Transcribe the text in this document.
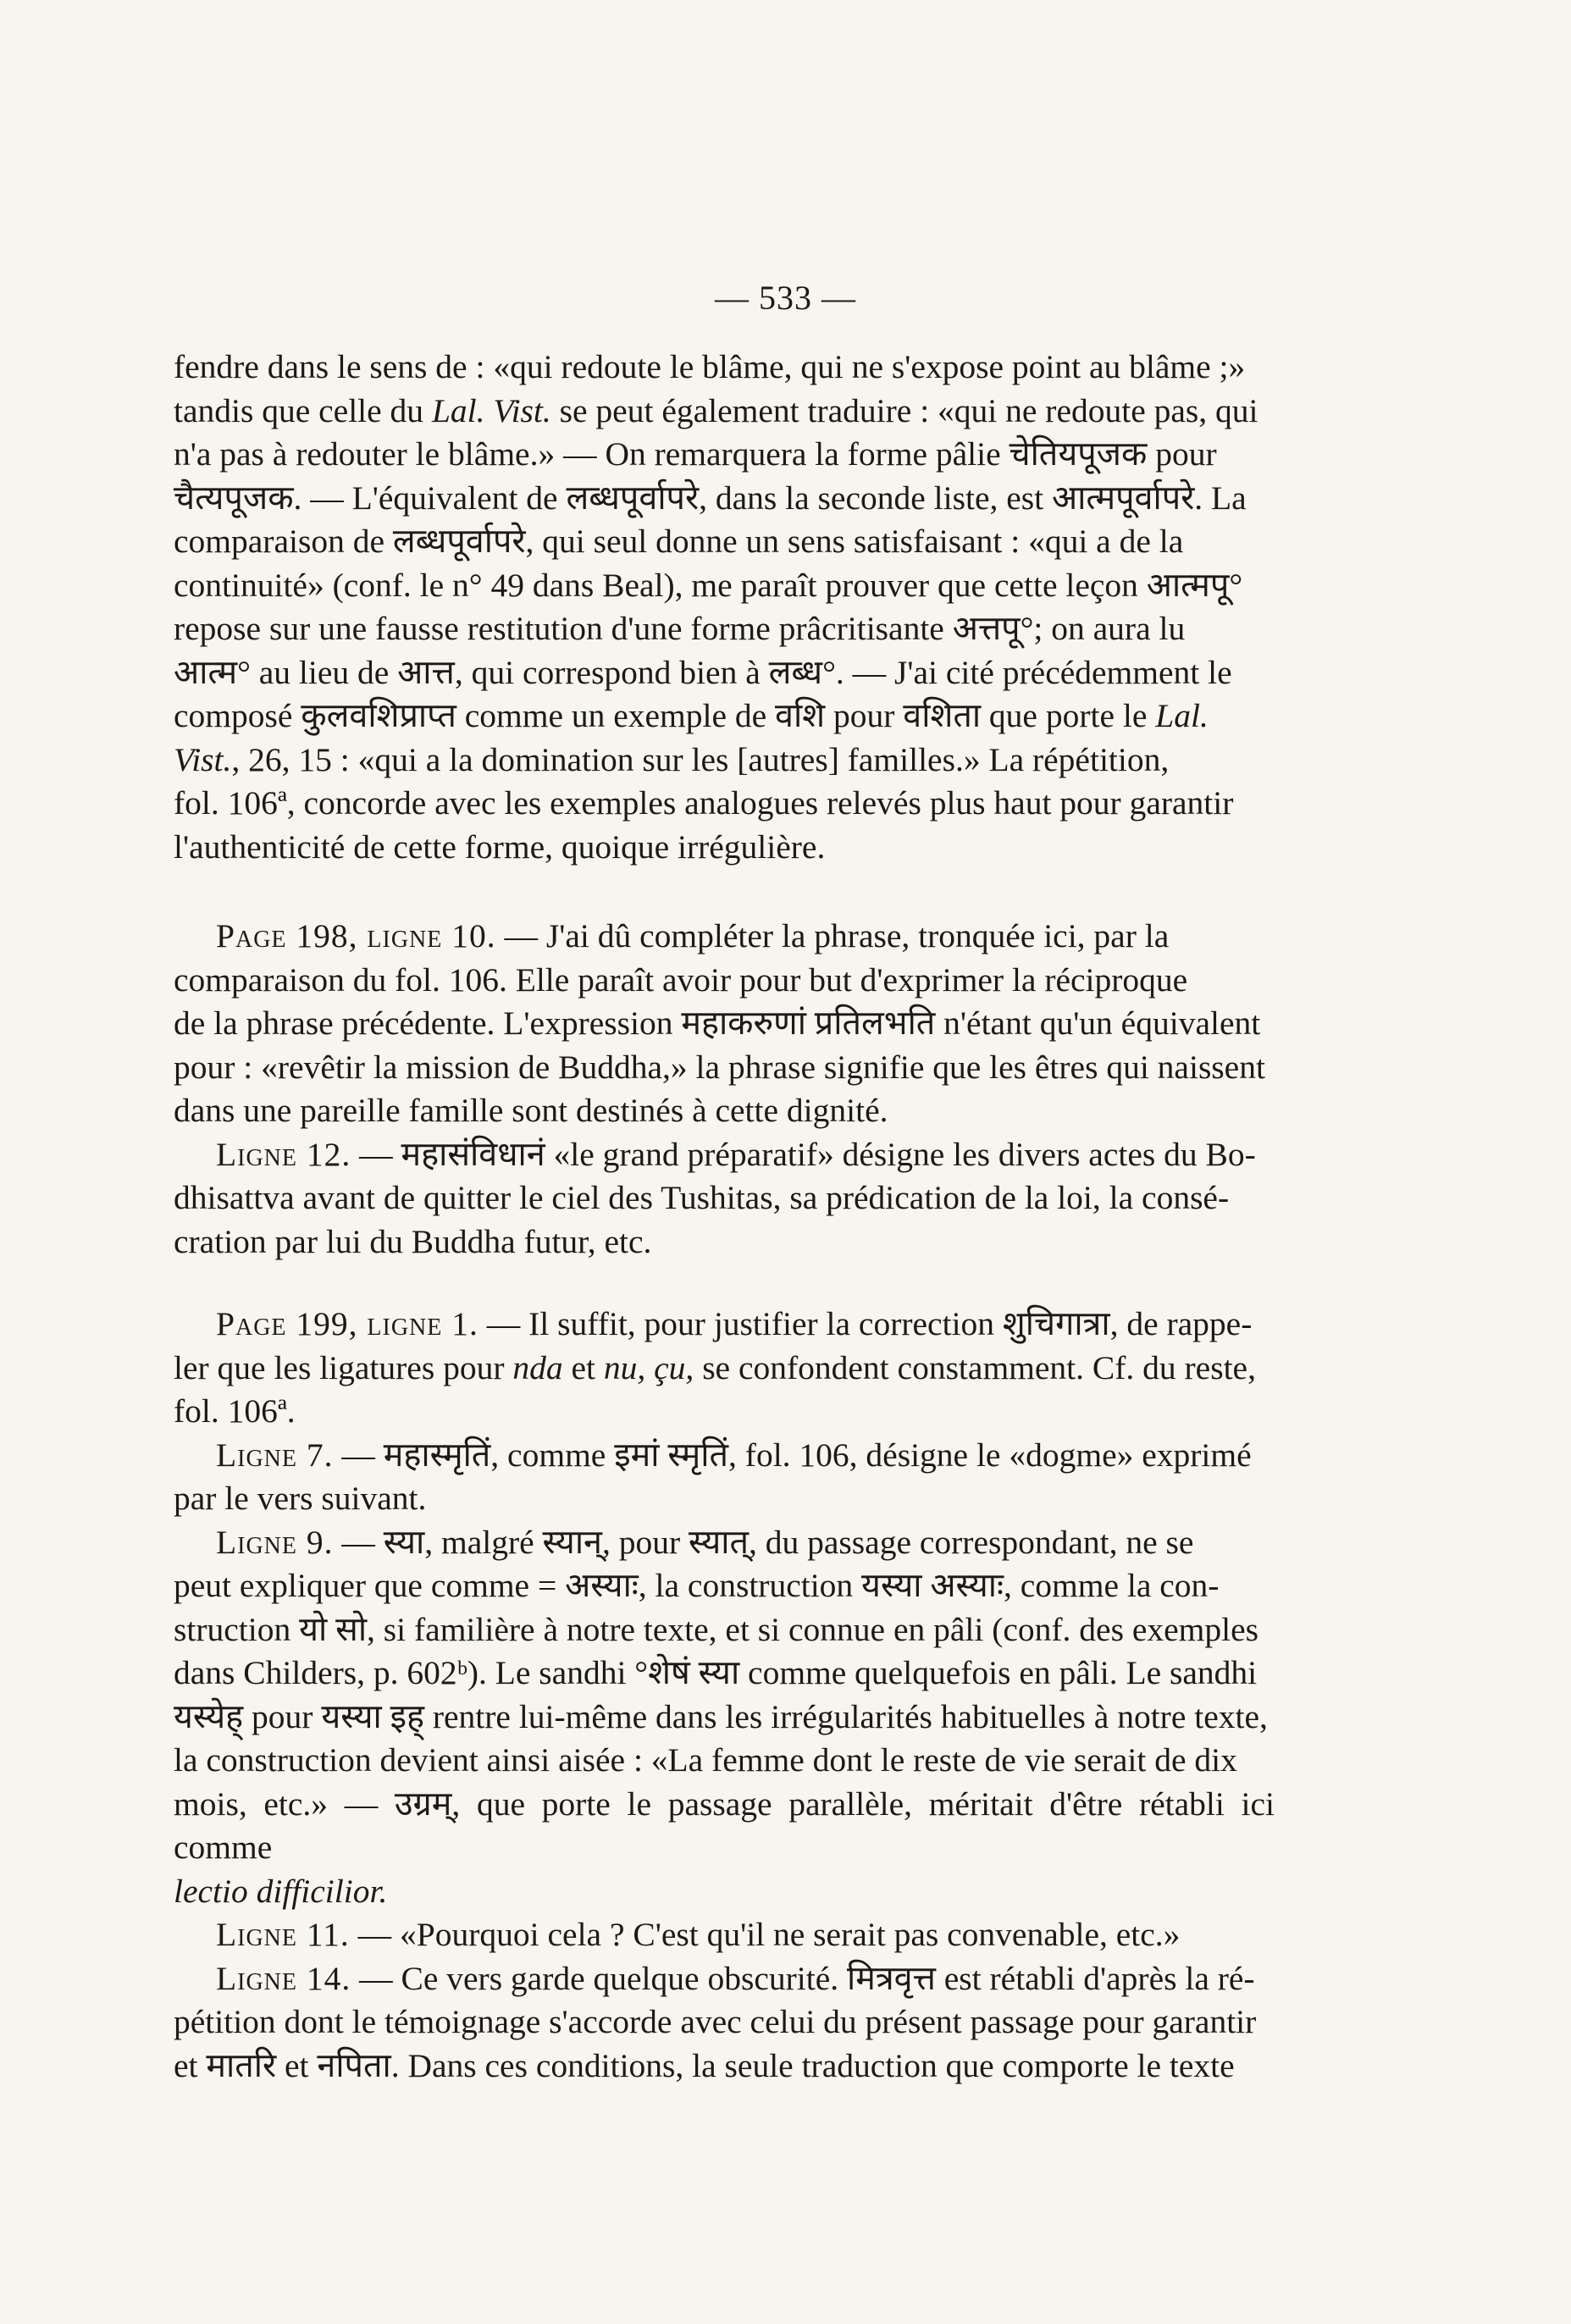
— 533 —

fendre dans le sens de : «qui redoute le blâme, qui ne s'expose point au blâme ;»

tandis que celle du Lal. Vist. se peut également traduire : «qui ne redoute pas, qui

n'a pas à redouter le blâme.» — On remarquera la forme pâlie चेतियपूजक pour

चैत्यपूजक. — L'équivalent de लब्धपूर्वापरे, dans la seconde liste, est आत्मपूर्वापरे. La

comparaison de लब्धपूर्वापरे, qui seul donne un sens satisfaisant : «qui a de la

continuité» (conf. le n° 49 dans Beal), me paraît prouver que cette leçon आत्मपू°

repose sur une fausse restitution d'une forme prâcritisante अत्तपू°; on aura lu

आत्म° au lieu de आत्त, qui correspond bien à लब्ध°. — J'ai cité précédemment le

composé कुलवशिप्राप्त comme un exemple de वशि pour वशिता que porte le Lal.

Vist., 26, 15 : «qui a la domination sur les [autres] familles.» La répétition,

fol. 106ª, concorde avec les exemples analogues relevés plus haut pour garantir

l'authenticité de cette forme, quoique irrégulière.

Page 198, ligne 10. — J'ai dû compléter la phrase, tronquée ici, par la

comparaison du fol. 106. Elle paraît avoir pour but d'exprimer la réciproque

de la phrase précédente. L'expression महाकरुणां प्रतिलभति n'étant qu'un équivalent

pour : «revêtir la mission de Buddha,» la phrase signifie que les êtres qui naissent

dans une pareille famille sont destinés à cette dignité.

Ligne 12. — महासंविधानं «le grand préparatif» désigne les divers actes du Bo-

dhisattva avant de quitter le ciel des Tushitas, sa prédication de la loi, la consé-

cration par lui du Buddha futur, etc.

Page 199, ligne 1. — Il suffit, pour justifier la correction शुचिगात्रा, de rappe-

ler que les ligatures pour nda et nu, çu, se confondent constamment. Cf. du reste,

fol. 106ª.

Ligne 7. — महास्मृतिं, comme इमां स्मृतिं, fol. 106, désigne le «dogme» exprimé

par le vers suivant.

Ligne 9. — स्या, malgré स्यान्, pour स्यात्, du passage correspondant, ne se

peut expliquer que comme = अस्याः, la construction यस्या अस्याः, comme la con-

struction यो सो, si familière à notre texte, et si connue en pâli (conf. des exemples

dans Childers, p. 602ᵇ). Le sandhi °शेषं स्या comme quelquefois en pâli. Le sandhi

यस्येह् pour यस्या इह् rentre lui-même dans les irrégularités habituelles à notre texte,

la construction devient ainsi aisée : «La femme dont le reste de vie serait de dix

mois, etc.» — उग्रम्, que porte le passage parallèle, méritait d'être rétabli ici comme

lectio difficilior.

Ligne 11. — «Pourquoi cela ? C'est qu'il ne serait pas convenable, etc.»

Ligne 14. — Ce vers garde quelque obscurité. मित्रवृत्त est rétabli d'après la ré-

pétition dont le témoignage s'accorde avec celui du présent passage pour garantir

et मातरि et नपिता. Dans ces conditions, la seule traduction que comporte le texte
